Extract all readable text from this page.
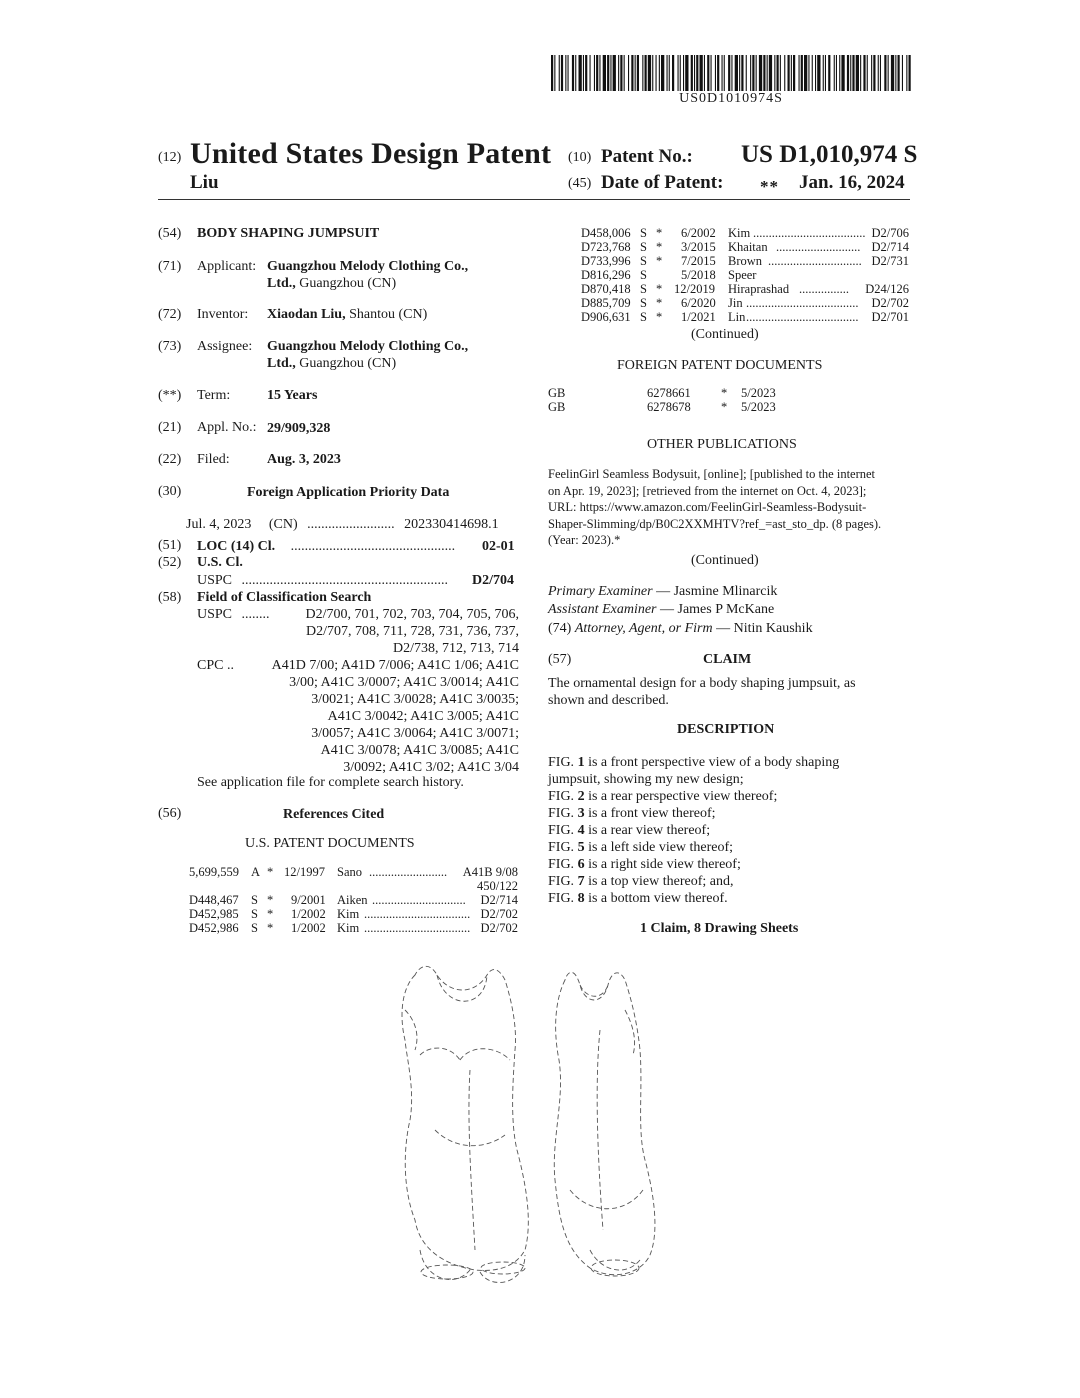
US0D1010974S
(12) United States Design Patent
Liu
(10) Patent No.: US D1,010,974 S
(45) Date of Patent: ** Jan. 16, 2024
(54) BODY SHAPING JUMPSUIT
(71) Applicant: Guangzhou Melody Clothing Co.,
Ltd., Guangzhou (CN)
(72) Inventor: Xiaodan Liu, Shantou (CN)
(73) Assignee: Guangzhou Melody Clothing Co.,
Ltd., Guangzhou (CN)
(**) Term:	15 Years
(21) Appl. No.: 29/909,328
(22) Filed:	Aug. 3, 2023
(30)	Foreign Application Priority Data
Jul. 4, 2023 (CN) ......................... 202330414698.1
(51) LOC (14) Cl. ...............................................	02-01
(52) U.S. Cl.
USPC ...........................................................	D2/704
(58) Field of Classification Search
USPC ........	D2/700, 701, 702, 703, 704, 705, 706,
D2/707, 708, 711, 728, 731, 736, 737,
D2/738, 712, 713, 714
CPC ..	A41D 7/00; A41D 7/006; A41C 1/06; A41C
3/00; A41C 3/0007; A41C 3/0014; A41C
3/0021; A41C 3/0028; A41C 3/0035;
A41C 3/0042; A41C 3/005; A41C
3/0057; A41C 3/0064; A41C 3/0071;
A41C 3/0078; A41C 3/0085; A41C
3/0092; A41C 3/02; A41C 3/04
See application file for complete search history.
(56)	References Cited
U.S. PATENT DOCUMENTS
5,699,559 A * 12/1997 Sano ......................... A41B 9/08
450/122
D448,467 S * 9/2001 Aiken .............................. D2/714
D452,985 S * 1/2002 Kim .................................. D2/702
D452,986 S * 1/2002 Kim .................................. D2/702
D458,006 S * 6/2002 Kim .................................... D2/706
D723,768 S * 3/2015 Khaitan ........................... D2/714
D733,996 S * 7/2015 Brown .............................. D2/731
D816,296 S	5/2018 Speer
D870,418 S * 12/2019 Hiraprashad ................ D24/126
D885,709 S * 6/2020 Jin .................................... D2/702
D906,631 S * 1/2021 Lin .................................... D2/701
(Continued)
FOREIGN PATENT DOCUMENTS
GB	6278661 * 5/2023
GB	6278678 * 5/2023
OTHER PUBLICATIONS
FeelinGirl Seamless Bodysuit, [online]; [published to the internet
on Apr. 19, 2023]; [retrieved from the internet on Oct. 4, 2023];
URL: https://www.amazon.com/FeelinGirl-Seamless-Bodysuit-
Shaper-Slimming/dp/B0C2XXMHTV?ref_=ast_sto_dp. (8 pages).
(Year: 2023).*
(Continued)
Primary Examiner — Jasmine Mlinarcik
Assistant Examiner — James P McKane
(74) Attorney, Agent, or Firm — Nitin Kaushik
(57)	CLAIM
The ornamental design for a body shaping jumpsuit, as
shown and described.
DESCRIPTION
FIG. 1 is a front perspective view of a body shaping
jumpsuit, showing my new design;
FIG. 2 is a rear perspective view thereof;
FIG. 3 is a front view thereof;
FIG. 4 is a rear view thereof;
FIG. 5 is a left side view thereof;
FIG. 6 is a right side view thereof;
FIG. 7 is a top view thereof; and,
FIG. 8 is a bottom view thereof.
1 Claim, 8 Drawing Sheets
